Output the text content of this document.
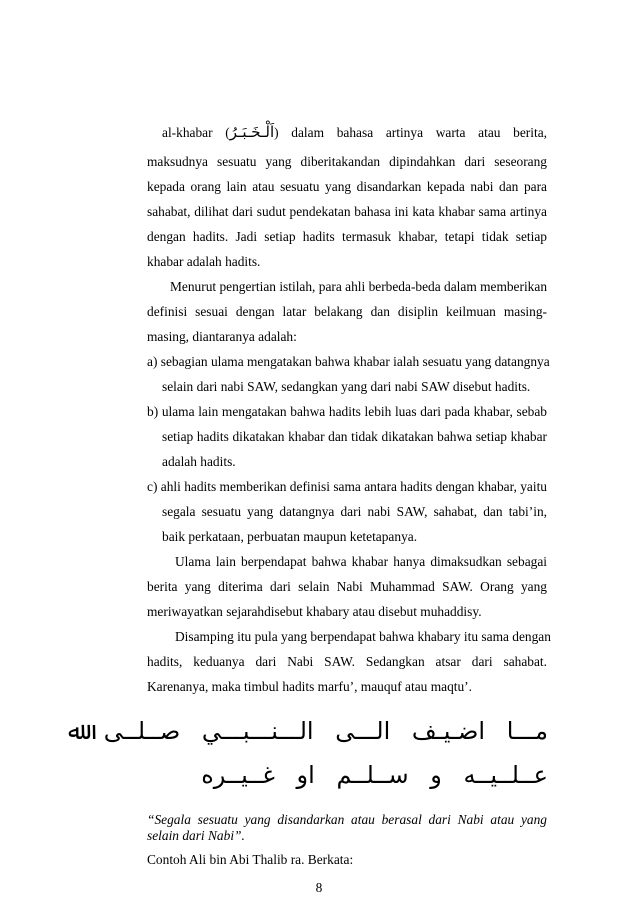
al-khabar (اَلْـخَـبَـرُ) dalam bahasa artinya warta atau berita,
maksudnya sesuatu yang diberitakandan dipindahkan dari seseorang
kepada orang lain atau sesuatu yang disandarkan kepada nabi dan para
sahabat, dilihat dari sudut pendekatan bahasa ini kata khabar sama artinya
dengan hadits. Jadi setiap hadits termasuk khabar, tetapi tidak setiap
khabar adalah hadits.
Menurut pengertian istilah, para ahli berbeda-beda dalam memberikan
definisi sesuai dengan latar belakang dan disiplin keilmuan masing-
masing, diantaranya adalah:
a) sebagian ulama mengatakan bahwa khabar ialah sesuatu yang datangnya
selain dari nabi SAW, sedangkan yang dari nabi SAW disebut hadits.
b) ulama lain mengatakan bahwa hadits lebih luas dari pada khabar, sebab
setiap hadits dikatakan khabar dan tidak dikatakan bahwa setiap khabar
adalah hadits.
c) ahli hadits memberikan definisi sama antara hadits dengan khabar, yaitu
segala sesuatu yang datangnya dari nabi SAW, sahabat, dan tabi’in,
baik perkataan, perbuatan maupun ketetapanya.
Ulama lain berpendapat bahwa khabar hanya dimaksudkan sebagai
berita yang diterima dari selain Nabi Muhammad SAW. Orang yang
meriwayatkan sejarahdisebut khabary atau disebut muhaddisy.
Disamping itu pula yang berpendapat bahwa khabary itu sama dengan
hadits, keduanya dari Nabi SAW. Sedangkan atsar dari sahabat.
Karenanya, maka timbul hadits marfu’, mauquf atau maqtu’.
مـــا اضـيـف الـــى الـــنـــبـــي صــلــى ﷲ
عــلــيــه و ســلــم او غــيــره
“Segala sesuatu yang disandarkan atau berasal dari Nabi atau yang
selain dari Nabi”.
Contoh Ali bin Abi Thalib ra. Berkata:
8
